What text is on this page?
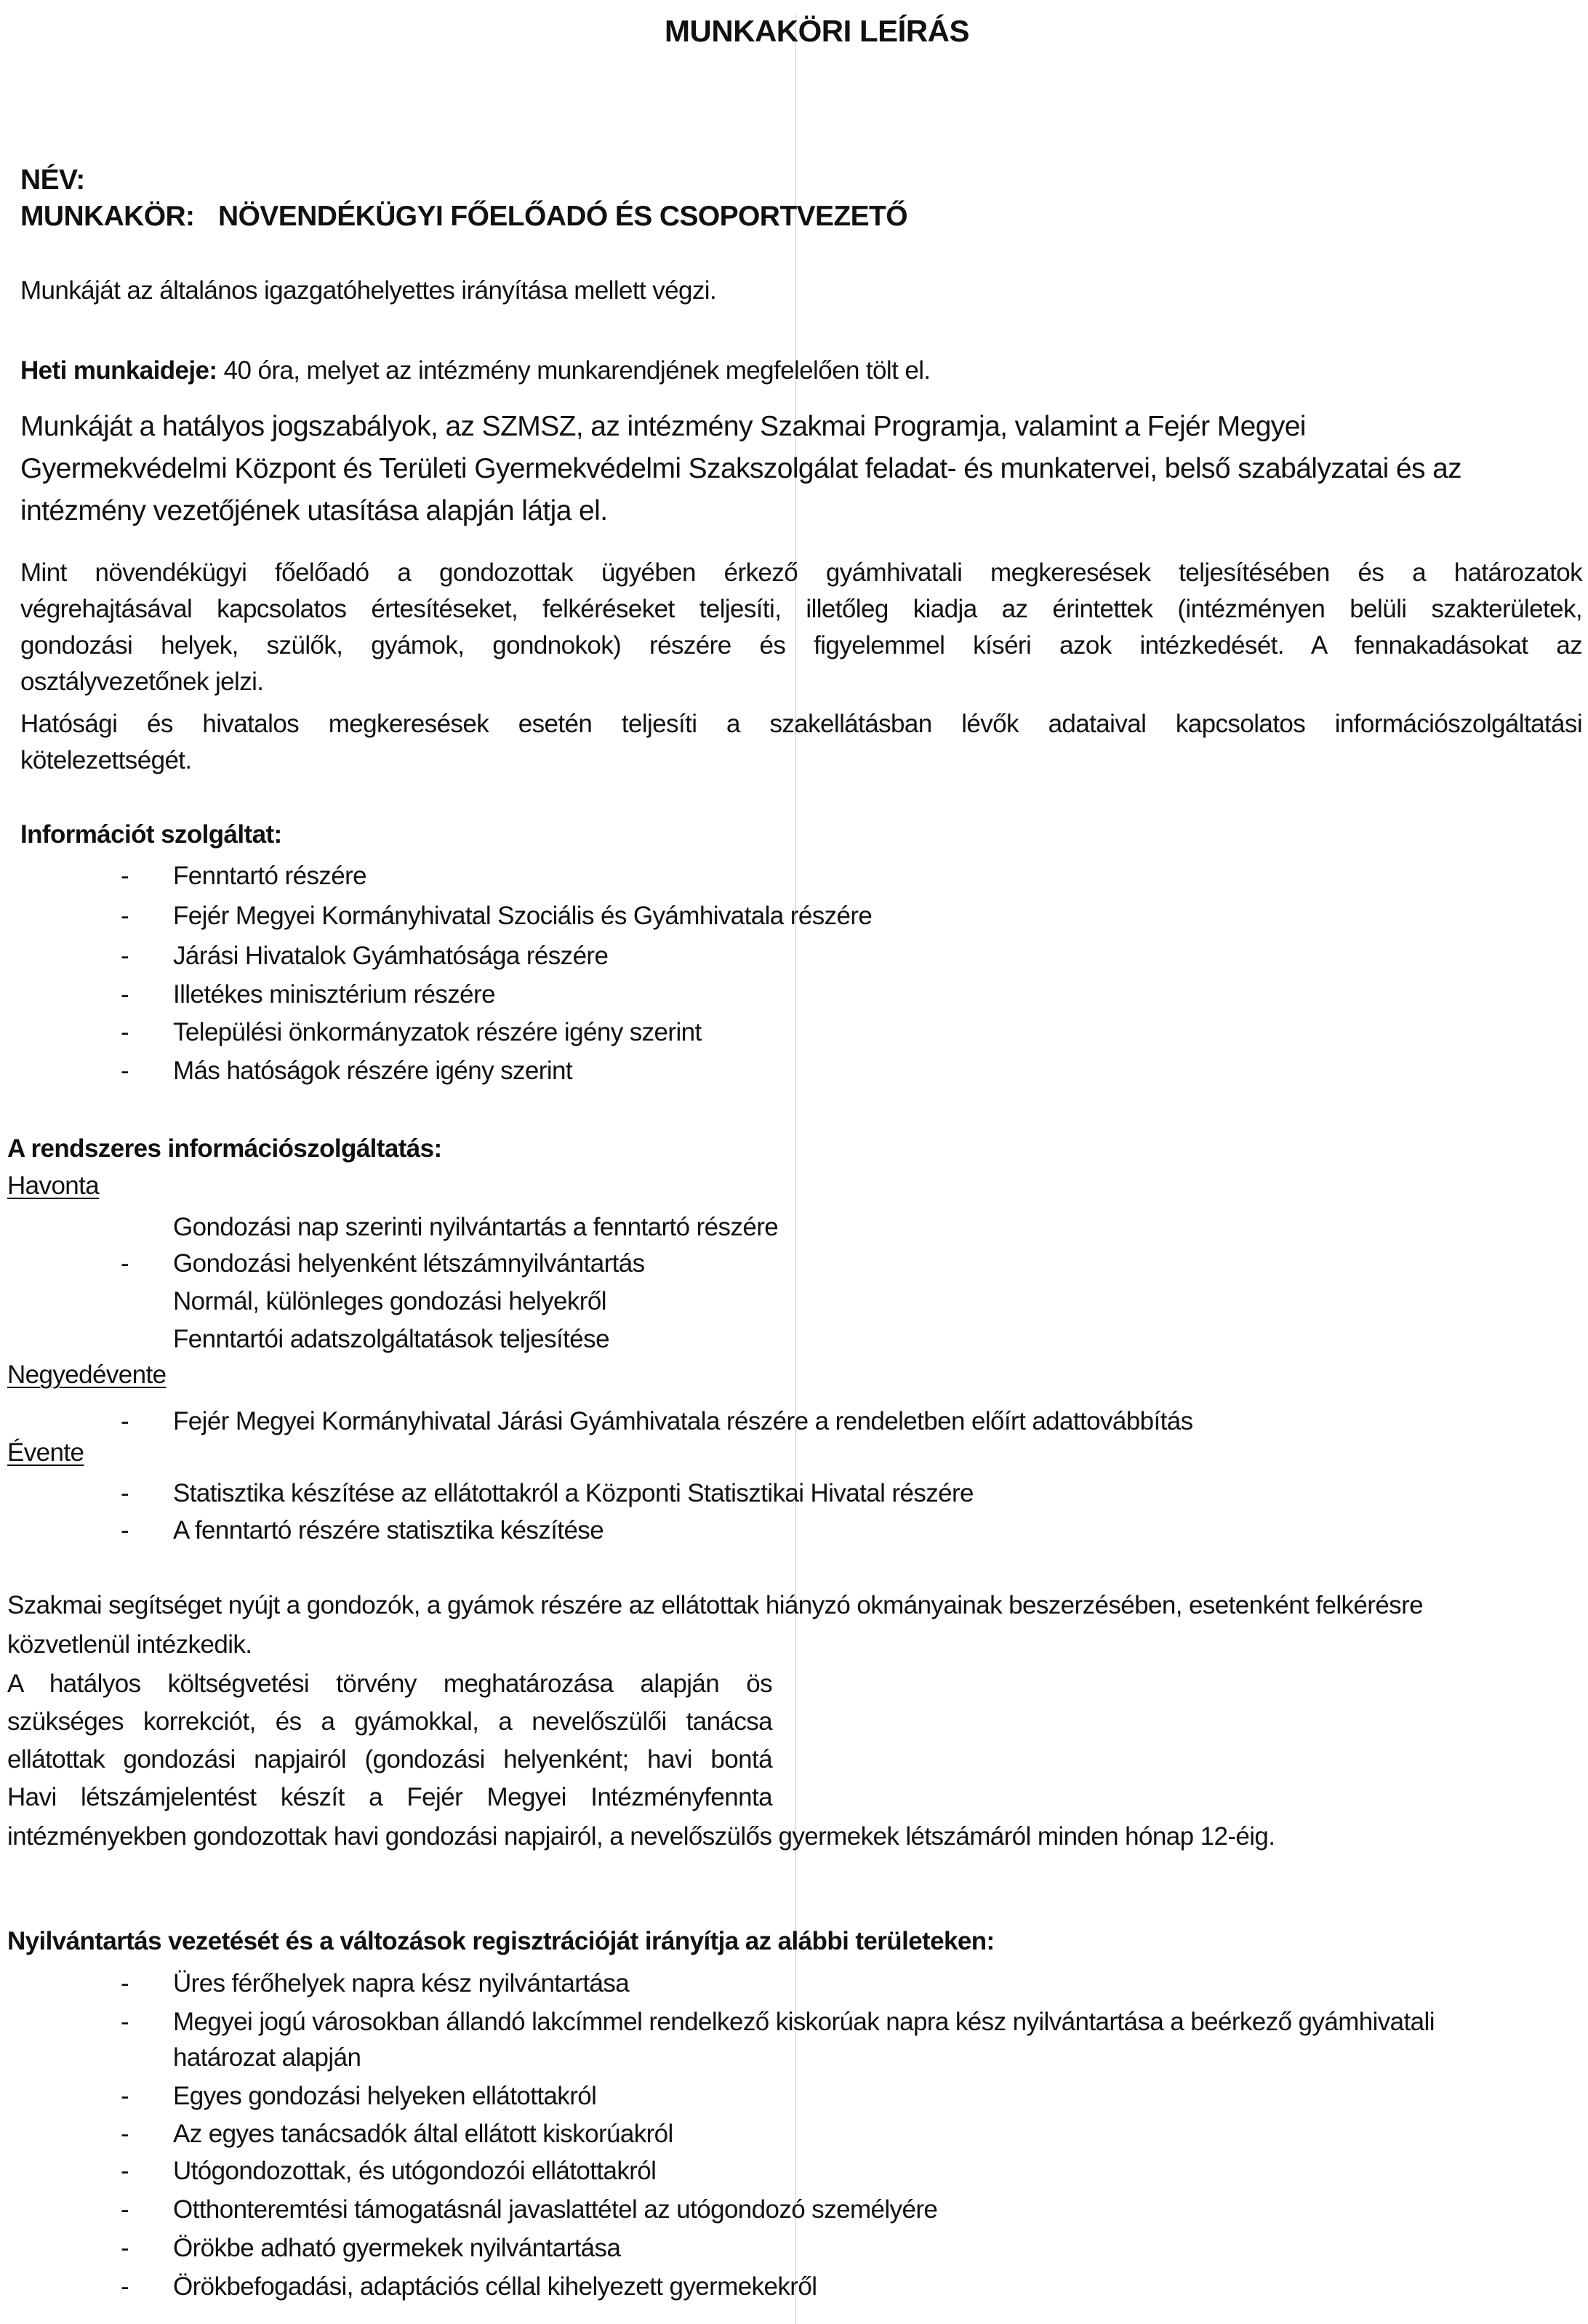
MUNKAKÖRI LEÍRÁS
NÉV:
MUNKAKÖR: NÖVENDÉKÜGYI FŐELŐADÓ ÉS CSOPORTVEZETŐ
Munkáját az általános igazgatóhelyettes irányítása mellett végzi.
Heti munkaideje: 40 óra, melyet az intézmény munkarendjének megfelelően tölt el.
Munkáját a hatályos jogszabályok, az SZMSZ, az intézmény Szakmai Programja, valamint a Fejér Megyei
Gyermekvédelmi Központ és Területi Gyermekvédelmi Szakszolgálat feladat- és munkatervei, belső szabályzatai és az
intézmény vezetőjének utasítása alapján látja el.
Mint növendékügyi főelőadó a gondozottak ügyében érkező gyámhivatali megkeresések teljesítésében és a határozatok
végrehajtásával kapcsolatos értesítéseket, felkéréseket teljesíti, illetőleg kiadja az érintettek (intézményen belüli szakterületek,
gondozási helyek, szülők, gyámok, gondnokok) részére és figyelemmel kíséri azok intézkedését. A fennakadásokat az
osztályvezetőnek jelzi.
Hatósági és hivatalos megkeresések esetén teljesíti a szakellátásban lévők adataival kapcsolatos információszolgáltatási
kötelezettségét.
Információt szolgáltat:
- Fenntartó részére
- Fejér Megyei Kormányhivatal Szociális és Gyámhivatala részére
- Járási Hivatalok Gyámhatósága részére
- Illetékes minisztérium részére
- Települési önkormányzatok részére igény szerint
- Más hatóságok részére igény szerint
A rendszeres információszolgáltatás:
Havonta
Gondozási nap szerinti nyilvántartás a fenntartó részére
- Gondozási helyenként létszámnyilvántartás
Normál, különleges gondozási helyekről
Fenntartói adatszolgáltatások teljesítése
Negyedévente
- Fejér Megyei Kormányhivatal Járási Gyámhivatala részére a rendeletben előírt adattovábbítás
Évente
- Statisztika készítése az ellátottakról a Központi Statisztikai Hivatal részére
- A fenntartó részére statisztika készítése
Szakmai segítséget nyújt a gondozók, a gyámok részére az ellátottak hiányzó okmányainak beszerzésében, esetenként felkérésre
közvetlenül intézkedik.
A hatályos költségvetési törvény meghatározása alapján ös
szükséges korrekciót, és a gyámokkal, a nevelőszülői tanácsa
ellátottak gondozási napjairól (gondozási helyenként; havi bontá
Havi létszámjelentést készít a Fejér Megyei Intézményfennta
intézményekben gondozottak havi gondozási napjairól, a nevelőszülős gyermekek létszámáról minden hónap 12-éig.
Nyilvántartás vezetését és a változások regisztrációját irányítja az alábbi területeken:
- Üres férőhelyek napra kész nyilvántartása
- Megyei jogú városokban állandó lakcímmel rendelkező kiskorúak napra kész nyilvántartása a beérkező gyámhivatali
határozat alapján
- Egyes gondozási helyeken ellátottakról
- Az egyes tanácsadók által ellátott kiskorúakról
- Utógondozottak, és utógondozói ellátottakról
- Otthonteremtési támogatásnál javaslattétel az utógondozó személyére
- Örökbe adható gyermekek nyilvántartása
- Örökbefogadási, adaptációs céllal kihelyezett gyermekekről
